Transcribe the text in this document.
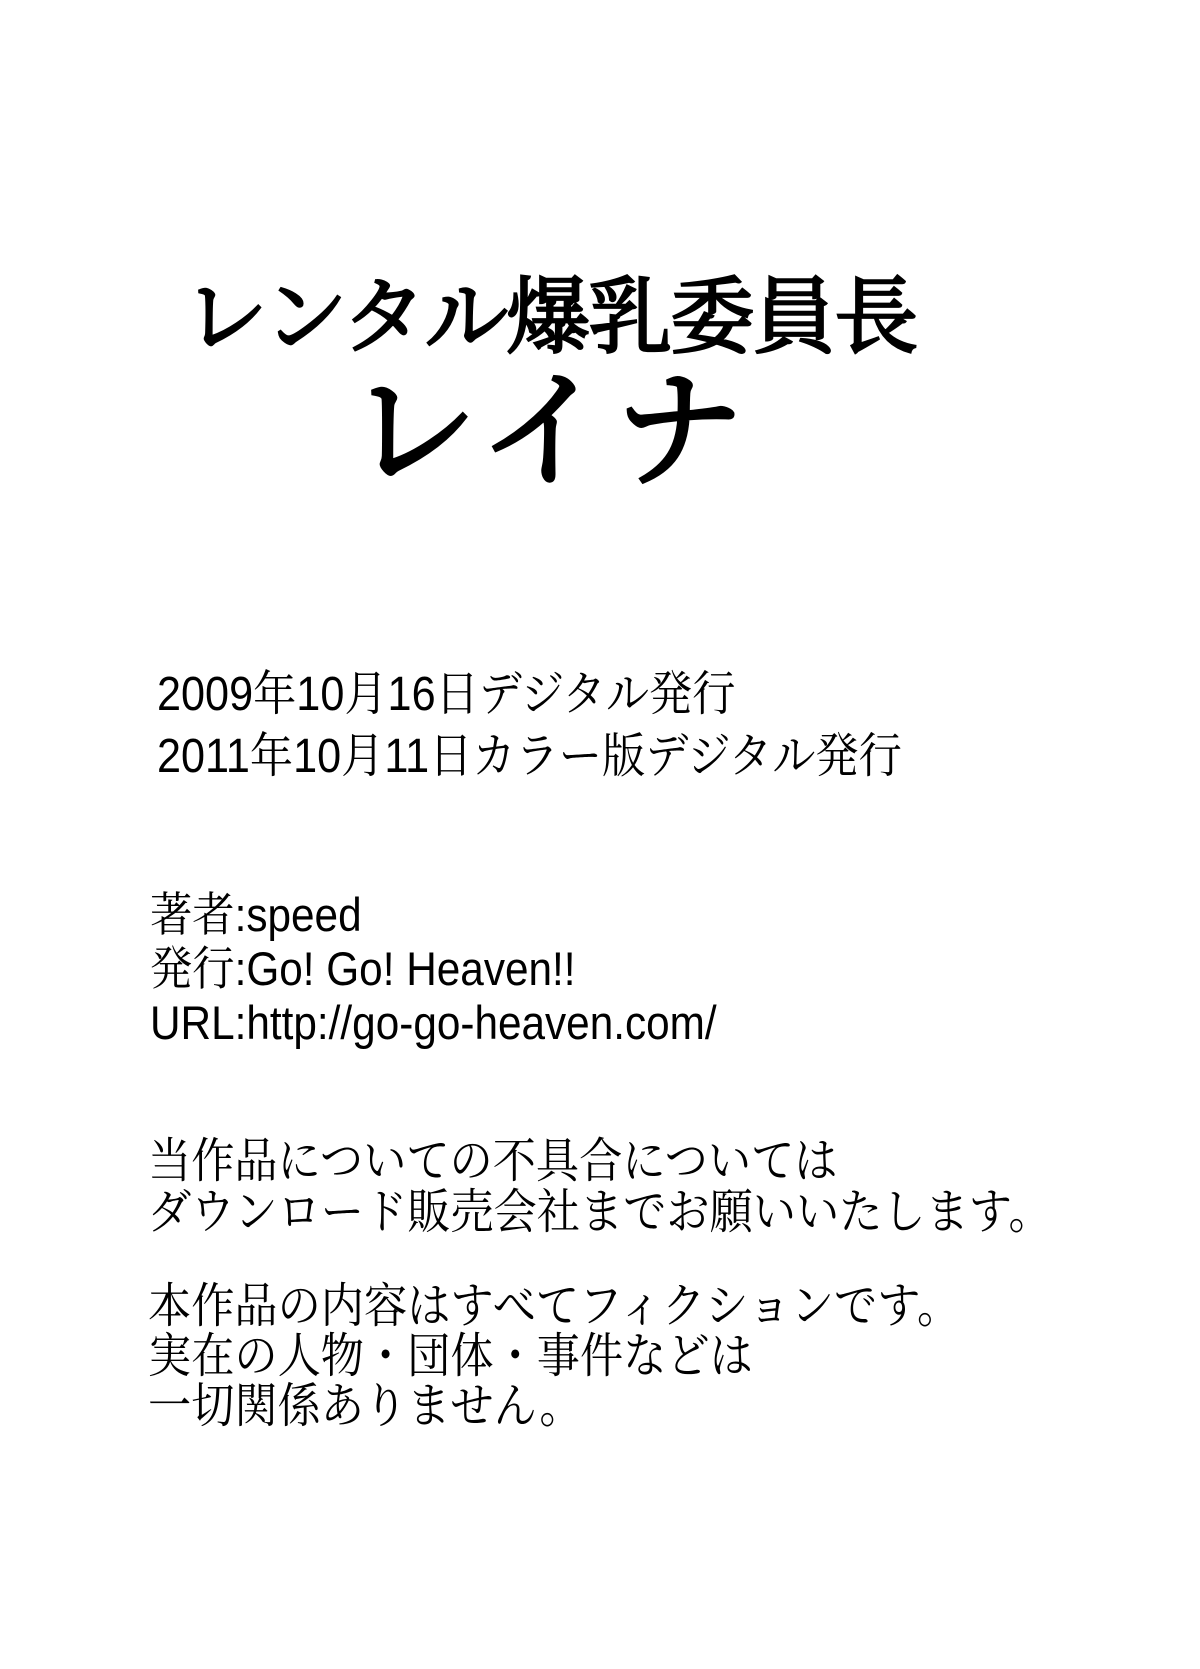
レンタル爆乳委員長
レイナ
2009年10月16日デジタル発行
2011年10月11日カラー版デジタル発行
著者:speed
発行:Go! Go! Heaven!!
URL:http://go-go-heaven.com/
当作品についての不具合については
ダウンロード販売会社までお願いいたします。
本作品の内容はすべてフィクションです。
実在の人物・団体・事件などは
一切関係ありません。
